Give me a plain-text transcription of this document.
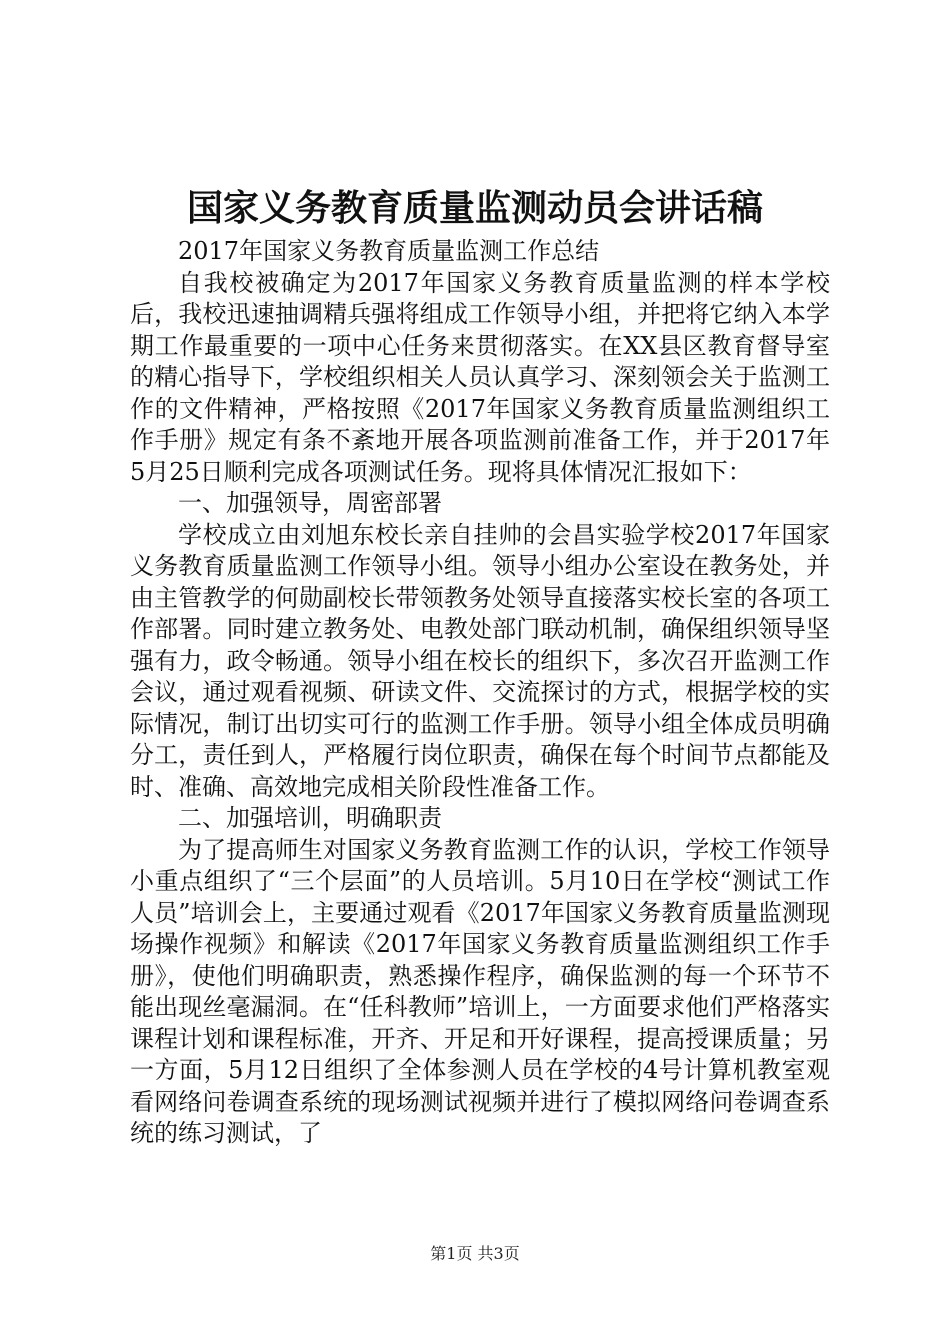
国家义务教育质量监测动员会讲话稿

2017年国家义务教育质量监测工作总结

自我校被确定为2017年国家义务教育质量监测的样本学校后，我校迅速抽调精兵强将组成工作领导小组，并把将它纳入本学期工作最重要的一项中心任务来贯彻落实。在XX县区教育督导室的精心指导下，学校组织相关人员认真学习、深刻领会关于监测工作的文件精神，严格按照《2017年国家义务教育质量监测组织工作手册》规定有条不紊地开展各项监测前准备工作，并于2017年5月25日顺利完成各项测试任务。现将具体情况汇报如下：

一、加强领导，周密部署

学校成立由刘旭东校长亲自挂帅的会昌实验学校2017年国家义务教育质量监测工作领导小组。领导小组办公室设在教务处，并由主管教学的何勋副校长带领教务处领导直接落实校长室的各项工作部署。同时建立教务处、电教处部门联动机制，确保组织领导坚强有力，政令畅通。领导小组在校长的组织下，多次召开监测工作会议，通过观看视频、研读文件、交流探讨的方式，根据学校的实际情况，制订出切实可行的监测工作手册。领导小组全体成员明确分工，责任到人，严格履行岗位职责，确保在每个时间节点都能及时、准确、高效地完成相关阶段性准备工作。

二、加强培训，明确职责

为了提高师生对国家义务教育监测工作的认识，学校工作领导小重点组织了“三个层面”的人员培训。5月10日在学校“测试工作人员”培训会上，主要通过观看《2017年国家义务教育质量监测现场操作视频》和解读《2017年国家义务教育质量监测组织工作手册》，使他们明确职责，熟悉操作程序，确保监测的每一个环节不能出现丝毫漏洞。在“任科教师”培训上，一方面要求他们严格落实课程计划和课程标准，开齐、开足和开好课程，提高授课质量；另一方面，5月12日组织了全体参测人员在学校的4号计算机教室观看网络问卷调查系统的现场测试视频并进行了模拟网络问卷调查系统的练习测试，了

第1页 共3页
